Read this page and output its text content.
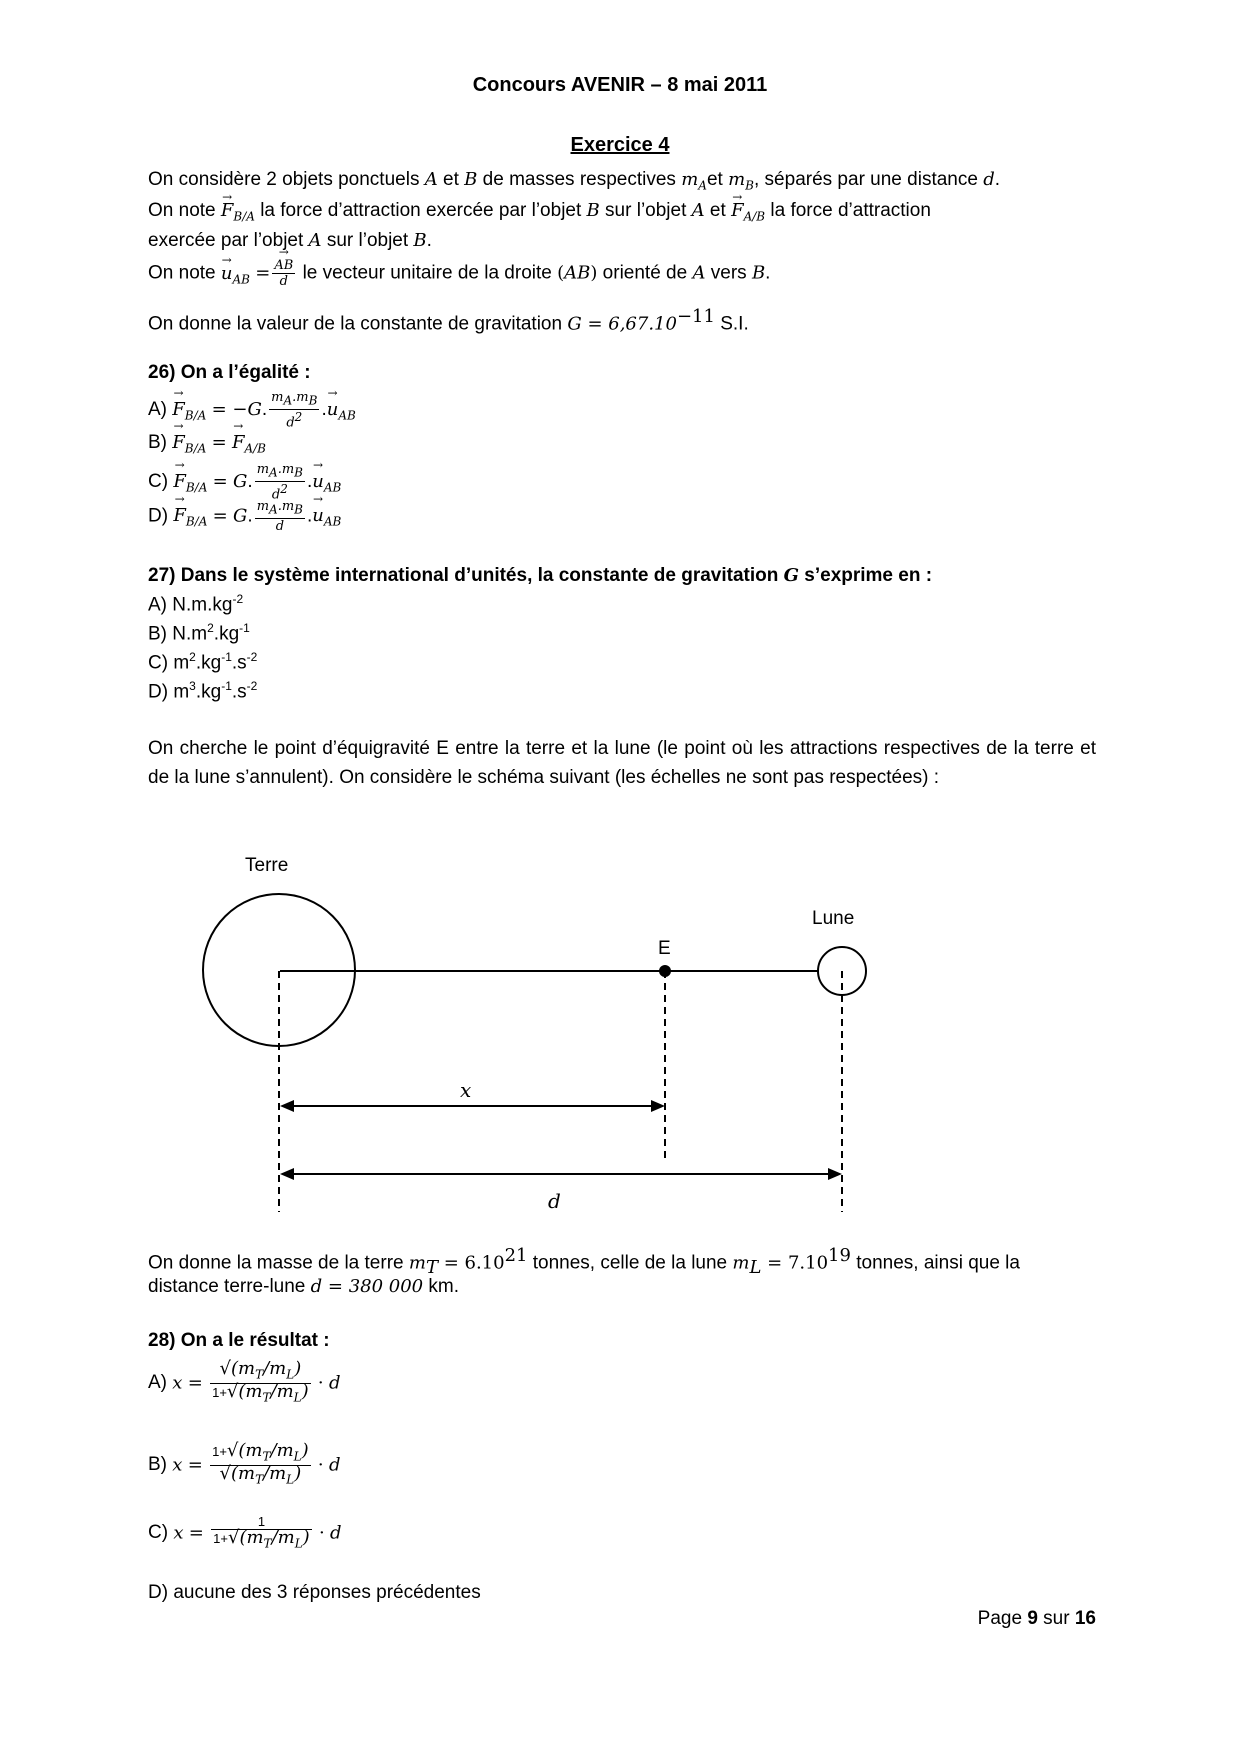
Concours AVENIR – 8 mai 2011
Exercice 4
On considère 2 objets ponctuels A et B de masses respectives $m_Aet$ $m_B$, séparés par une distance d.
On note → $F_{B/A}$ la force d’attraction exercée par l’objet B sur l’objet A et → $F_{A/B}$ la force d’attraction
exercée par l’objet A sur l’objet B.
On note → $u_{AB}$ = → $\frac{AB}{d}$ le vecteur unitaire de la droite (AB) orienté de A vers B.
On donne la valeur de la constante de gravitation $G = 6,67.10^{-11}$ S.I.
26) On a l’égalité :
$A) \to F_{B/A} = -G$. $\frac{m_A.m_B}{d^2}$ .→ $u_{AB}$
$B) \to F_{B/A}$ = → $F_{A/B}$
$C) \to F_{B/A} = G$. $\frac{m_A.m_B}{d^2}$ .→ $u_{AB}$
$D) \to F_{B/A} = G$. $\frac{m_A.m_B}{d}$ .→ $u_{AB}$
27) Dans le système international d’unités, la constante de gravitation G s’exprime en :
A) $N.m.kg^{-2}$
B) $N.m^2.kg^{-1}$
C) $m^2.kg^{-1}.s^{-2}$
D) $m^3.kg^{-1}.s^{-2}$
On cherche le point d’équigravité E entre la terre et la lune (le point où les attractions respectives de la terre et de la lune s’annulent). On considère le schéma suivant (les échelles ne sont pas respectées) :
Terre
Lune
E
x
d
On donne la masse de la terre $m_T = 6.10^{21}$ tonnes, celle de la lune $m_L = 7.10^{19}$ tonnes, ainsi que la
distance terre-lune d = 380 000 km.
28) On a le résultat :
A) $x = \frac{√(m_T/m_L)}{1+√(m_T/m_L)} \cdot d$
B) $x = \frac{1+√(m_T/m_L)}{√(m_T/m_L)} \cdot d$
C) $x = \frac{1}{1+√(m_T/m_L)} \cdot d$
D) aucune des 3 réponses précédentes
Page 9 sur 16
